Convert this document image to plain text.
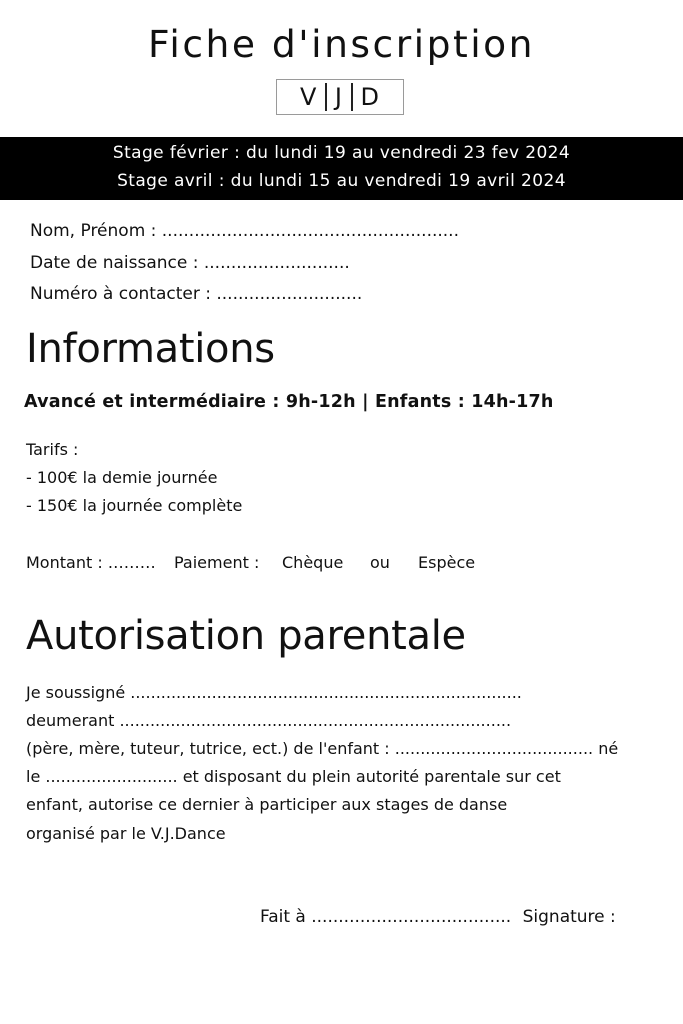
Fiche d'inscription
V J D
Stage février : du lundi 19 au vendredi 23 fev 2024
Stage avril : du lundi 15 au vendredi 19 avril 2024
Nom, Prénom : .......................................................
Date de naissance : ...........................
Numéro à contacter : ...........................
Informations
Avancé et intermédiaire : 9h-12h | Enfants : 14h-17h
Tarifs :
- 100€ la demie journée
- 150€ la journée complète
Montant : ……… Paiement : Chèque ou Espèce
Autorisation parentale
Je soussigné .............................................................................
deumerant .............................................................................
(père, mère, tuteur, tutrice, ect.) de l'enfant : ....................................... né
le .......................... et disposant du plein autorité parentale sur cet
enfant, autorise ce dernier à participer aux stages de danse
organisé par le V.J.Dance
Fait à ..................................... Signature :
